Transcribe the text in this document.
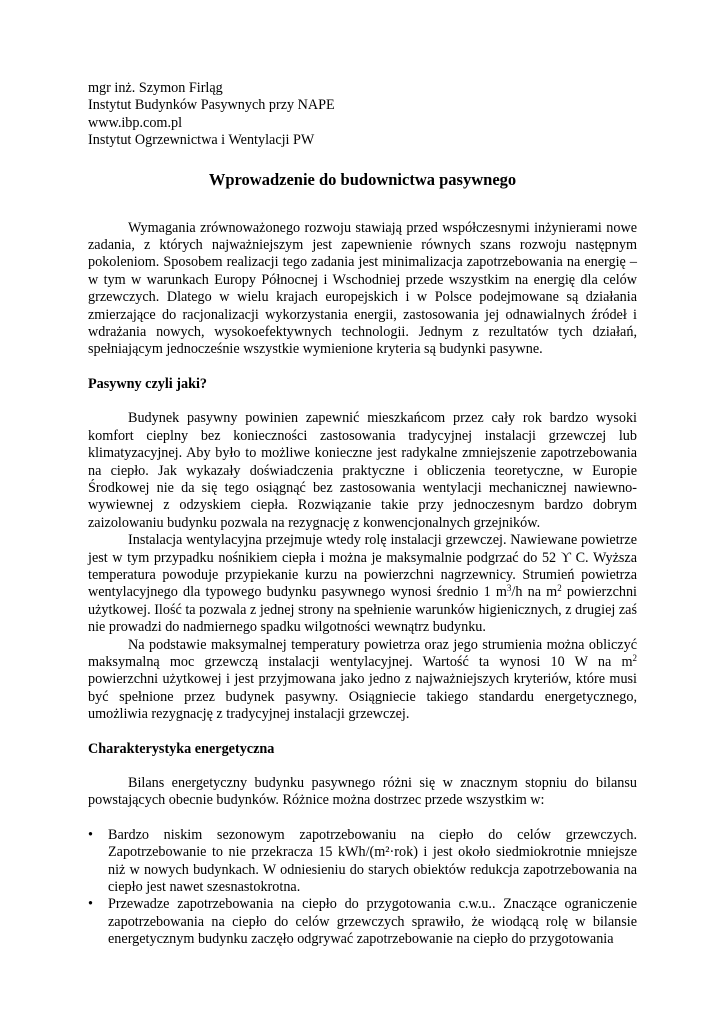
mgr inż. Szymon Firląg
Instytut Budynków Pasywnych przy NAPE
www.ibp.com.pl
Instytut Ogrzewnictwa i Wentylacji PW
Wprowadzenie do budownictwa pasywnego

Wymagania zrównoważonego rozwoju stawiają przed współczesnymi inżynierami nowe zadania, z których najważniejszym jest zapewnienie równych szans rozwoju następnym pokoleniom. Sposobem realizacji tego zadania jest minimalizacja zapotrzebowania na energię – w tym w warunkach Europy Północnej i Wschodniej przede wszystkim na energię dla celów grzewczych. Dlatego w wielu krajach europejskich i w Polsce podejmowane są działania zmierzające do racjonalizacji wykorzystania energii, zastosowania jej odnawialnych źródeł i wdrażania nowych, wysokoefektywnych technologii. Jednym z rezultatów tych działań, spełniającym jednocześnie wszystkie wymienione kryteria są budynki pasywne.

Pasywny czyli jaki?

Budynek pasywny powinien zapewnić mieszkańcom przez cały rok bardzo wysoki komfort cieplny bez konieczności zastosowania tradycyjnej instalacji grzewczej lub klimatyzacyjnej. Aby było to możliwe konieczne jest radykalne zmniejszenie zapotrzebowania na ciepło. Jak wykazały doświadczenia praktyczne i obliczenia teoretyczne, w Europie Środkowej nie da się tego osiągnąć bez zastosowania wentylacji mechanicznej nawiewno-wywiewnej z odzyskiem ciepła. Rozwiązanie takie przy jednoczesnym bardzo dobrym zaizolowaniu budynku pozwala na rezygnację z konwencjonalnych grzejników.

Instalacja wentylacyjna przejmuje wtedy rolę instalacji grzewczej. Nawiewane powietrze jest w tym przypadku nośnikiem ciepła i można je maksymalnie podgrzać do 52 ϒ C. Wyższa temperatura powoduje przypiekanie kurzu na powierzchni nagrzewnicy. Strumień powietrza wentylacyjnego dla typowego budynku pasywnego wynosi średnio 1 $m^3/h$ na $m^2$ powierzchni użytkowej. Ilość ta pozwala z jednej strony na spełnienie warunków higienicznych, z drugiej zaś nie prowadzi do nadmiernego spadku wilgotności wewnątrz budynku.

Na podstawie maksymalnej temperatury powietrza oraz jego strumienia można obliczyć maksymalną moc grzewczą instalacji wentylacyjnej. Wartość ta wynosi 10 W na $m^2$ powierzchni użytkowej i jest przyjmowana jako jedno z najważniejszych kryteriów, które musi być spełnione przez budynek pasywny. Osiągniecie takiego standardu energetycznego, umożliwia rezygnację z tradycyjnej instalacji grzewczej.

Charakterystyka energetyczna

Bilans energetyczny budynku pasywnego różni się w znacznym stopniu do bilansu powstających obecnie budynków. Różnice można dostrzec przede wszystkim w:

• Bardzo niskim sezonowym zapotrzebowaniu na ciepło do celów grzewczych. Zapotrzebowanie to nie przekracza 15 kWh/(m²·rok) i jest około siedmiokrotnie mniejsze niż w nowych budynkach. W odniesieniu do starych obiektów redukcja zapotrzebowania na ciepło jest nawet szesnastokrotna.
• Przewadze zapotrzebowania na ciepło do przygotowania c.w.u.. Znaczące ograniczenie zapotrzebowania na ciepło do celów grzewczych sprawiło, że wiodącą rolę w bilansie energetycznym budynku zaczęło odgrywać zapotrzebowanie na ciepło do przygotowania
